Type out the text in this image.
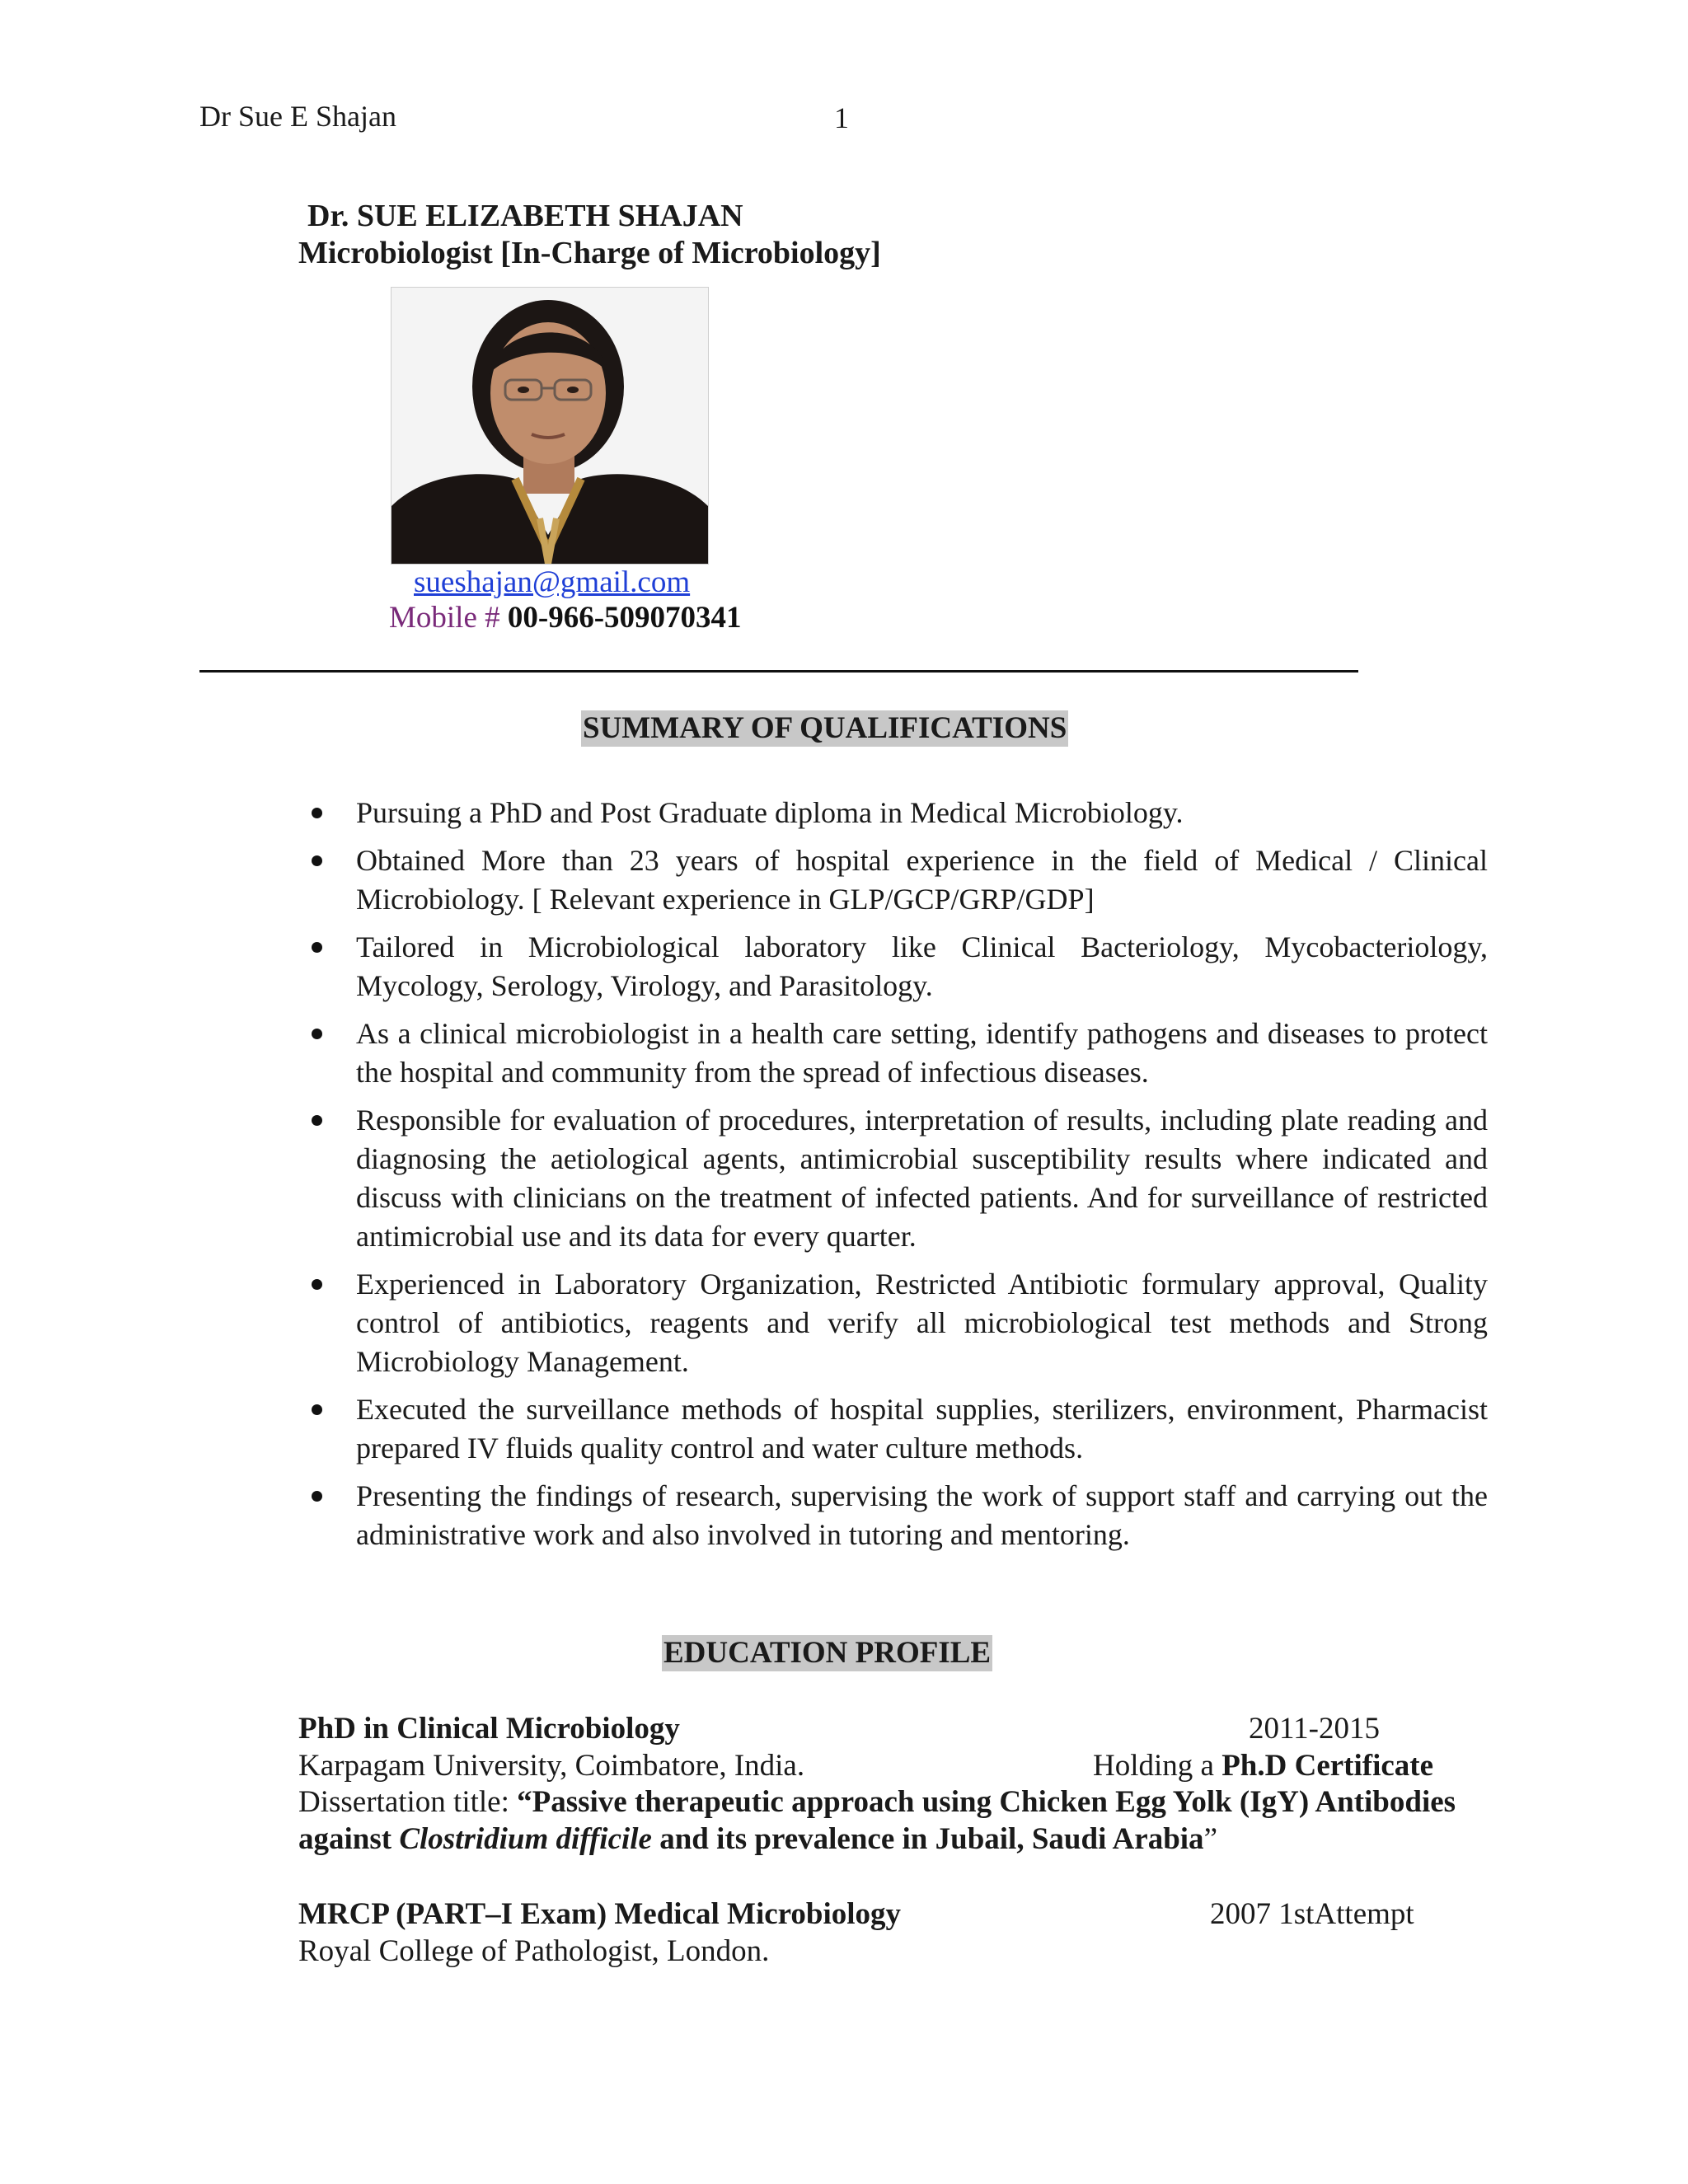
Dr Sue E Shajan	1
Dr. SUE ELIZABETH SHAJAN
Microbiologist [In-Charge of Microbiology]
sueshajan@gmail.com
Mobile # 00-966-509070341
SUMMARY OF QUALIFICATIONS
Pursuing a PhD and Post Graduate diploma in Medical Microbiology.
Obtained More than 23 years of hospital experience in the field of Medical / Clinical Microbiology. [ Relevant experience in GLP/GCP/GRP/GDP]
Tailored in Microbiological laboratory like Clinical Bacteriology, Mycobacteriology, Mycology, Serology, Virology, and Parasitology.
As a clinical microbiologist in a health care setting, identify pathogens and diseases to protect the hospital and community from the spread of infectious diseases.
Responsible for evaluation of procedures, interpretation of results, including plate reading and diagnosing the aetiological agents, antimicrobial susceptibility results where indicated and discuss with clinicians on the treatment of infected patients. And for surveillance of restricted antimicrobial use and its data for every quarter.
Experienced in Laboratory Organization, Restricted Antibiotic formulary approval, Quality control of antibiotics, reagents and verify all microbiological test methods and Strong Microbiology Management.
Executed the surveillance methods of hospital supplies, sterilizers, environment, Pharmacist prepared IV fluids quality control and water culture methods.
Presenting the findings of research, supervising the work of support staff and carrying out the administrative work and also involved in tutoring and mentoring.
EDUCATION PROFILE
PhD in Clinical Microbiology	2011-2015
Karpagam University, Coimbatore, India.	Holding a Ph.D Certificate
Dissertation title: “Passive therapeutic approach using Chicken Egg Yolk (IgY) Antibodies against Clostridium difficile and its prevalence in Jubail, Saudi Arabia”
MRCP (PART–I Exam) Medical Microbiology	2007 1stAttempt
Royal College of Pathologist, London.
